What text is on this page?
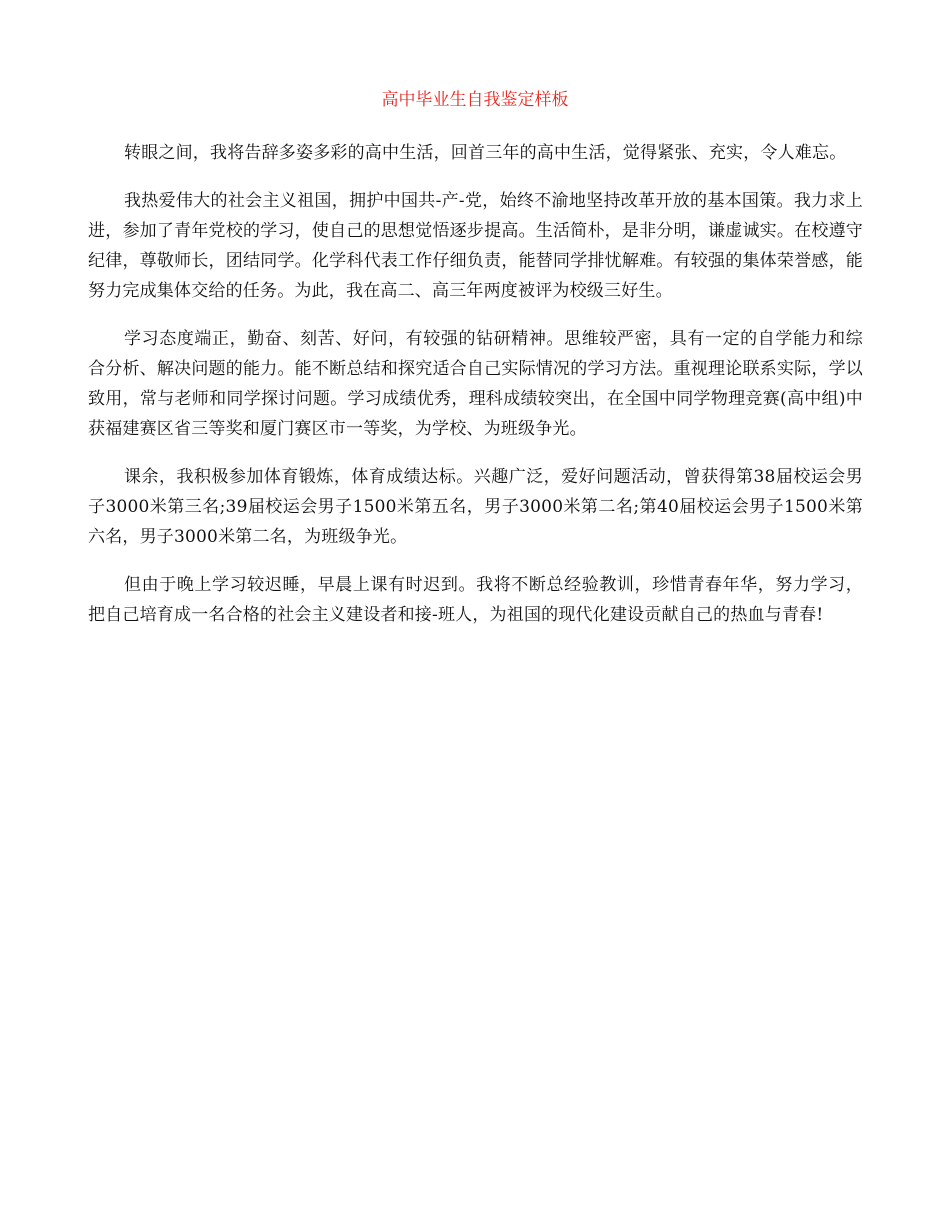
高中毕业生自我鉴定样板

转眼之间，我将告辞多姿多彩的高中生活，回首三年的高中生活，觉得紧张、充实，令人难忘。

我热爱伟大的社会主义祖国，拥护中国共-产-党，始终不渝地坚持改革开放的基本国策。我力求上进，参加了青年党校的学习，使自己的思想觉悟逐步提高。生活简朴，是非分明，谦虚诚实。在校遵守纪律，尊敬师长，团结同学。化学科代表工作仔细负责，能替同学排忧解难。有较强的集体荣誉感，能努力完成集体交给的任务。为此，我在高二、高三年两度被评为校级三好生。

学习态度端正，勤奋、刻苦、好问，有较强的钻研精神。思维较严密，具有一定的自学能力和综合分析、解决问题的能力。能不断总结和探究适合自己实际情况的学习方法。重视理论联系实际，学以致用，常与老师和同学探讨问题。学习成绩优秀，理科成绩较突出，在全国中同学物理竞赛(高中组)中获福建赛区省三等奖和厦门赛区市一等奖，为学校、为班级争光。

课余，我积极参加体育锻炼，体育成绩达标。兴趣广泛，爱好问题活动，曾获得第38届校运会男子3000米第三名;39届校运会男子1500米第五名，男子3000米第二名;第40届校运会男子1500米第六名，男子3000米第二名，为班级争光。

但由于晚上学习较迟睡，早晨上课有时迟到。我将不断总经验教训，珍惜青春年华，努力学习，把自己培育成一名合格的社会主义建设者和接-班人，为祖国的现代化建设贡献自己的热血与青春!
